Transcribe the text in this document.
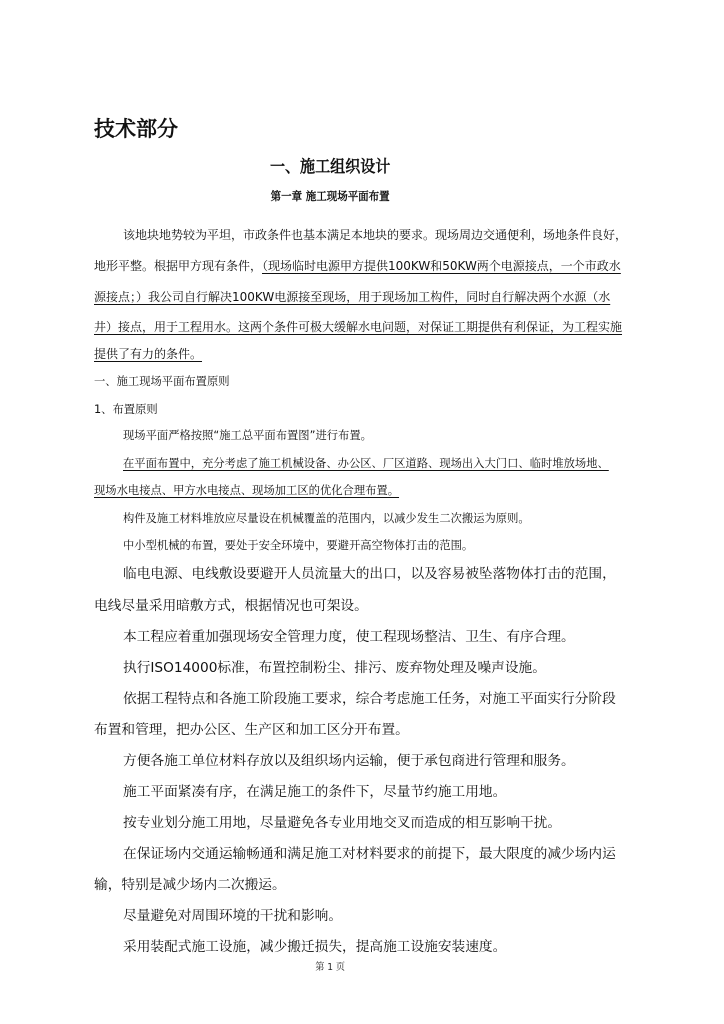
技术部分

一、施工组织设计

第一章 施工现场平面布置

该地块地势较为平坦，市政条件也基本满足本地块的要求。现场周边交通便利，场地条件良好，

地形平整。根据甲方现有条件，（现场临时电源甲方提供100KW和50KW两个电源接点，一个市政水

源接点；）我公司自行解决100KW电源接至现场，用于现场加工构件，同时自行解决两个水源（水

井）接点，用于工程用水。这两个条件可极大缓解水电问题，对保证工期提供有利保证，为工程实施

提供了有力的条件。

一、施工现场平面布置原则

1、布置原则

现场平面严格按照“施工总平面布置图”进行布置。

在平面布置中，充分考虑了施工机械设备、办公区、厂区道路、现场出入大门口、临时堆放场地、

现场水电接点、甲方水电接点、现场加工区的优化合理布置。

构件及施工材料堆放应尽量设在机械覆盖的范围内，以减少发生二次搬运为原则。

中小型机械的布置，要处于安全环境中，要避开高空物体打击的范围。

临电电源、电线敷设要避开人员流量大的出口，以及容易被坠落物体打击的范围，

电线尽量采用暗敷方式，根据情况也可架设。

本工程应着重加强现场安全管理力度，使工程现场整洁、卫生、有序合理。

执行ISO14000标准，布置控制粉尘、排污、废弃物处理及噪声设施。

依据工程特点和各施工阶段施工要求，综合考虑施工任务，对施工平面实行分阶段

布置和管理，把办公区、生产区和加工区分开布置。

方便各施工单位材料存放以及组织场内运输，便于承包商进行管理和服务。

施工平面紧凑有序，在满足施工的条件下，尽量节约施工用地。

按专业划分施工用地，尽量避免各专业用地交叉而造成的相互影响干扰。

在保证场内交通运输畅通和满足施工对材料要求的前提下，最大限度的减少场内运

输，特别是减少场内二次搬运。

尽量避免对周围环境的干扰和影响。

采用装配式施工设施，减少搬迁损失，提高施工设施安装速度。

第 1 页
